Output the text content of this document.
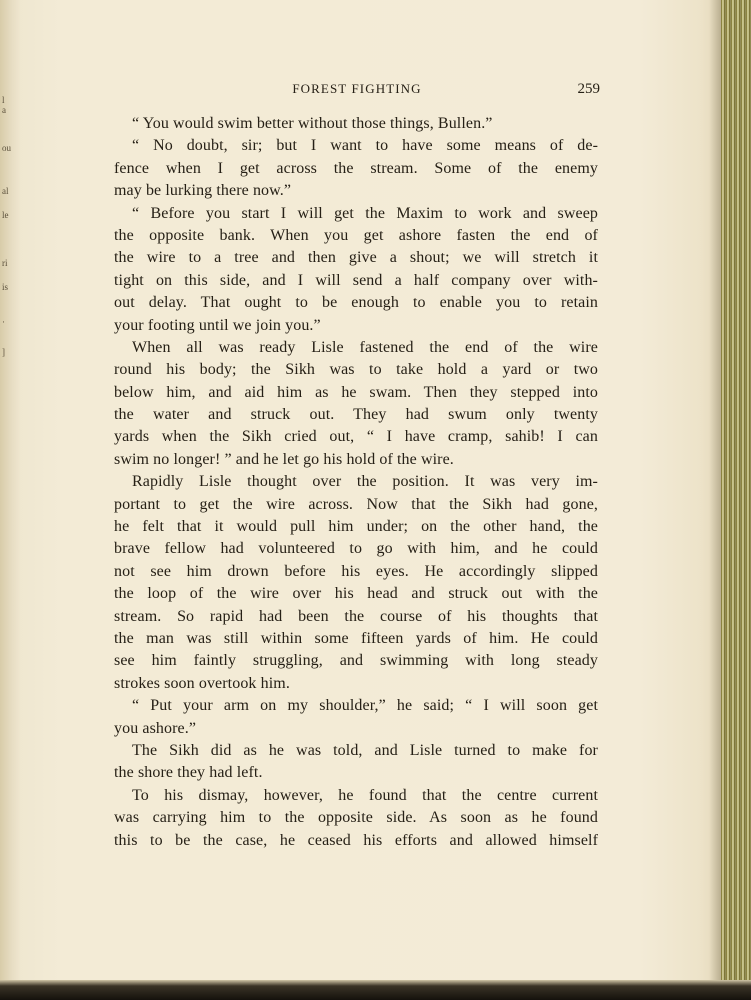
l a
ou
al
le
ri
is
·
]
FOREST FIGHTING	259
“ You would swim better without those things, Bullen.”
“ No doubt, sir; but I want to have some means of de-
fence when I get across the stream. Some of the enemy
may be lurking there now.”
“ Before you start I will get the Maxim to work and sweep
the opposite bank. When you get ashore fasten the end of
the wire to a tree and then give a shout; we will stretch it
tight on this side, and I will send a half company over with-
out delay. That ought to be enough to enable you to retain
your footing until we join you.”
When all was ready Lisle fastened the end of the wire
round his body; the Sikh was to take hold a yard or two
below him, and aid him as he swam. Then they stepped into
the water and struck out. They had swum only twenty
yards when the Sikh cried out, “ I have cramp, sahib! I can
swim no longer! ” and he let go his hold of the wire.
Rapidly Lisle thought over the position. It was very im-
portant to get the wire across. Now that the Sikh had gone,
he felt that it would pull him under; on the other hand, the
brave fellow had volunteered to go with him, and he could
not see him drown before his eyes. He accordingly slipped
the loop of the wire over his head and struck out with the
stream. So rapid had been the course of his thoughts that
the man was still within some fifteen yards of him. He could
see him faintly struggling, and swimming with long steady
strokes soon overtook him.
“ Put your arm on my shoulder,” he said; “ I will soon get
you ashore.”
The Sikh did as he was told, and Lisle turned to make for
the shore they had left.
To his dismay, however, he found that the centre current
was carrying him to the opposite side. As soon as he found
this to be the case, he ceased his efforts and allowed himself
